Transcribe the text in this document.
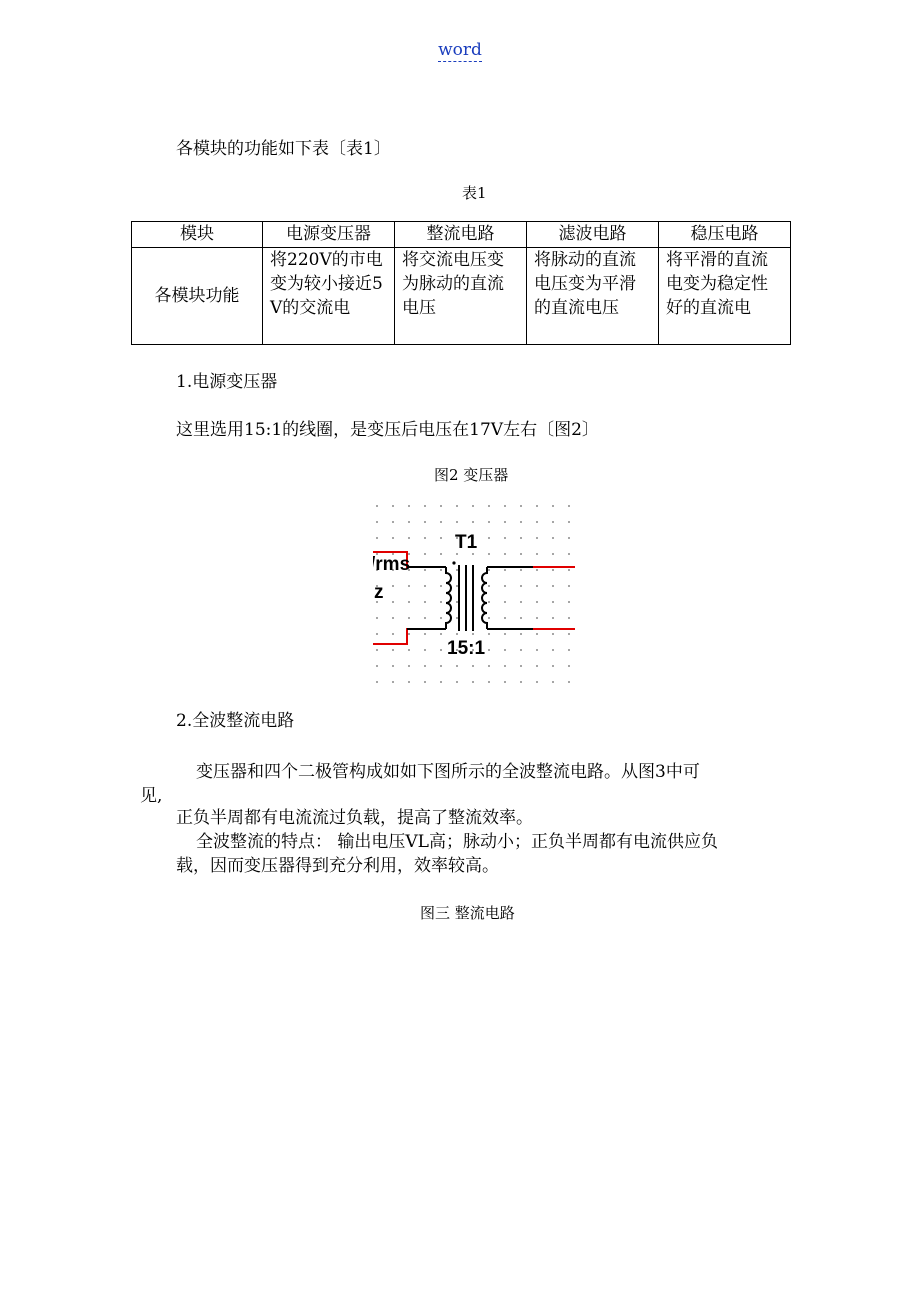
word
各模块的功能如下表〔表1〕
表1
模块	电源变压器	整流电路	滤波电路	稳压电路
各模块功能	将220V的市电变为较小接近5V的交流电	将交流电压变为脉动的直流电压	将脉动的直流电压变为平滑的直流电压	将平滑的直流电变为稳定性好的直流电
1.电源变压器
这里选用15:1的线圈，是变压后电压在17V左右〔图2〕
图2 变压器
T1
15:1
/rms
z
2.全波整流电路
变压器和四个二极管构成如如下图所示的全波整流电路。从图3中可
见,
正负半周都有电流流过负载，提高了整流效率。
全波整流的特点： 输出电压VL高；脉动小；正负半周都有电流供应负
载，因而变压器得到充分利用，效率较高。
图三 整流电路
